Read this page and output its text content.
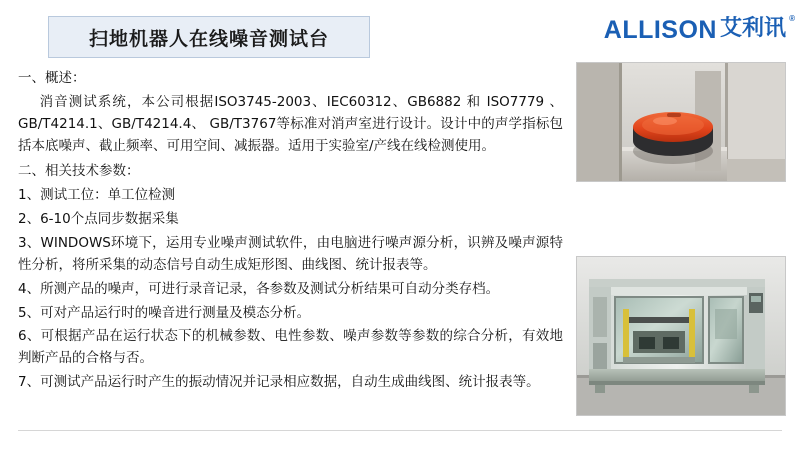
扫地机器人在线噪音测试台	ALLISON 艾利讯 ®

一、概述：

消音测试系统，本公司根据ISO3745-2003、IEC60312、GB6882 和 ISO7779 、GB/T4214.1、GB/T4214.4、 GB/T3767等标准对消声室进行设计。设计中的声学指标包括本底噪声、截止频率、可用空间、减振器。适用于实验室/产线在线检测使用。

二、相关技术参数：

1、测试工位：单工位检测

2、6-10个点同步数据采集

3、WINDOWS环境下，运用专业噪声测试软件，由电脑进行噪声源分析，识辨及噪声源特性分析，将所采集的动态信号自动生成矩形图、曲线图、统计报表等。

4、所测产品的噪声，可进行录音记录，各参数及测试分析结果可自动分类存档。

5、可对产品运行时的噪音进行测量及模态分析。

6、可根据产品在运行状态下的机械参数、电性参数、噪声参数等参数的综合分析，有效地判断产品的合格与否。

7、可测试产品运行时产生的振动情况并记录相应数据，自动生成曲线图、统计报表等。
